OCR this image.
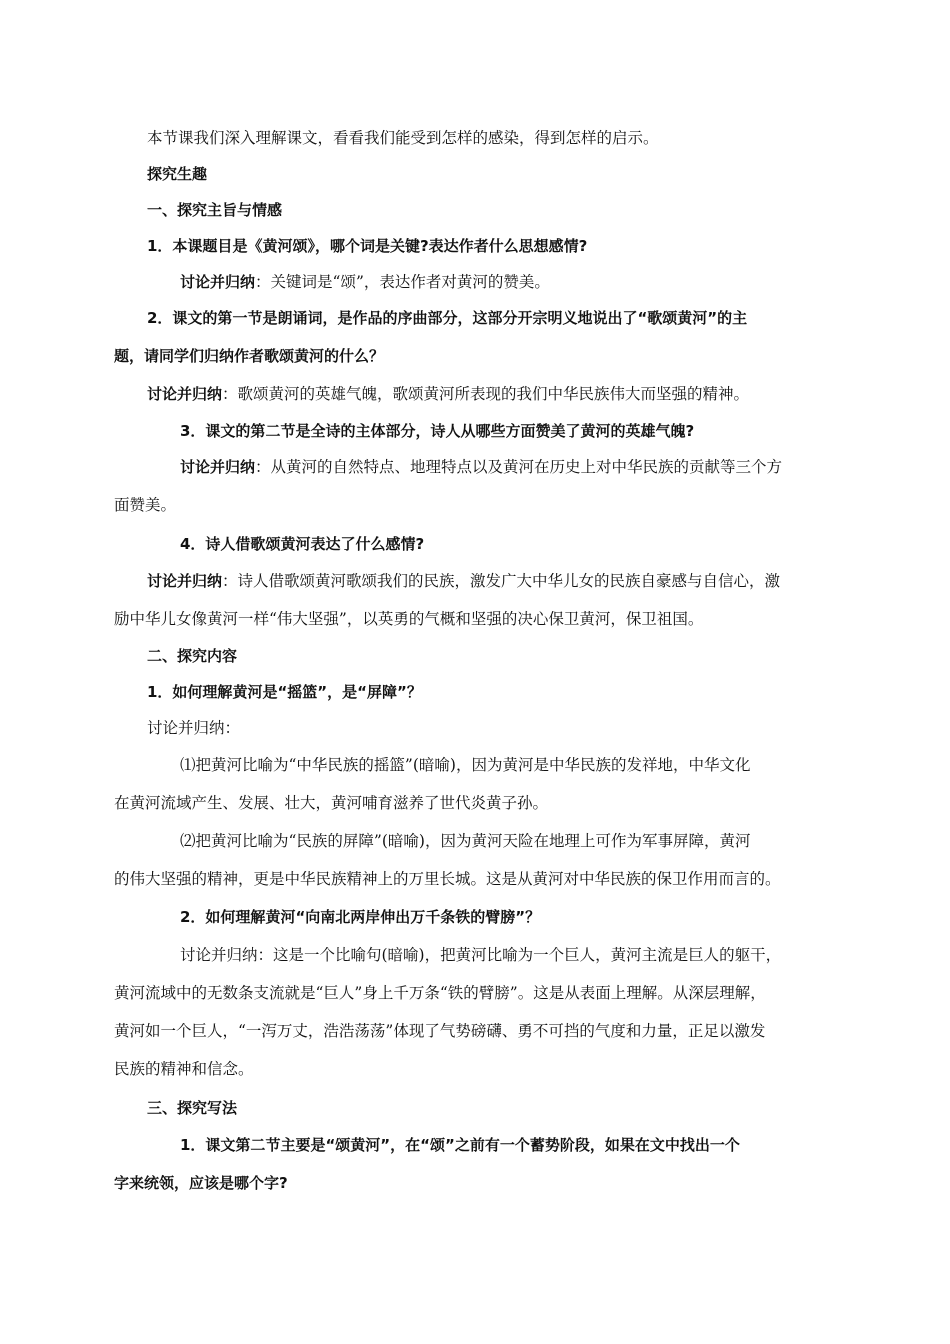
本节课我们深入理解课文，看看我们能受到怎样的感染，得到怎样的启示。
探究生趣
一、探究主旨与情感
1．本课题目是《黄河颂》，哪个词是关键?表达作者什么思想感情?
讨论并归纳：关键词是“颂”，表达作者对黄河的赞美。
2．课文的第一节是朗诵词，是作品的序曲部分，这部分开宗明义地说出了“歌颂黄河”的主
题，请同学们归纳作者歌颂黄河的什么？
讨论并归纳：歌颂黄河的英雄气魄，歌颂黄河所表现的我们中华民族伟大而坚强的精神。
3．课文的第二节是全诗的主体部分，诗人从哪些方面赞美了黄河的英雄气魄?
讨论并归纳：从黄河的自然特点、地理特点以及黄河在历史上对中华民族的贡献等三个方
面赞美。
4．诗人借歌颂黄河表达了什么感情?
讨论并归纳：诗人借歌颂黄河歌颂我们的民族，激发广大中华儿女的民族自豪感与自信心，激
励中华儿女像黄河一样“伟大坚强”，以英勇的气概和坚强的决心保卫黄河，保卫祖国。
二、探究内容
1．如何理解黄河是“摇篮”，是“屏障”？
讨论并归纳：
⑴把黄河比喻为“中华民族的摇篮”(暗喻)，因为黄河是中华民族的发祥地，中华文化
在黄河流域产生、发展、壮大，黄河哺育滋养了世代炎黄子孙。
⑵把黄河比喻为“民族的屏障”(暗喻)，因为黄河天险在地理上可作为军事屏障，黄河
的伟大坚强的精神，更是中华民族精神上的万里长城。这是从黄河对中华民族的保卫作用而言的。
2．如何理解黄河“向南北两岸伸出万千条铁的臂膀”？
讨论并归纳：这是一个比喻句(暗喻)，把黄河比喻为一个巨人，黄河主流是巨人的躯干，
黄河流域中的无数条支流就是“巨人”身上千万条“铁的臂膀”。这是从表面上理解。从深层理解，
黄河如一个巨人，“一泻万丈，浩浩荡荡”体现了气势磅礴、勇不可挡的气度和力量，正足以激发
民族的精神和信念。
三、探究写法
1．课文第二节主要是“颂黄河”，在“颂”之前有一个蓄势阶段，如果在文中找出一个
字来统领，应该是哪个字?
